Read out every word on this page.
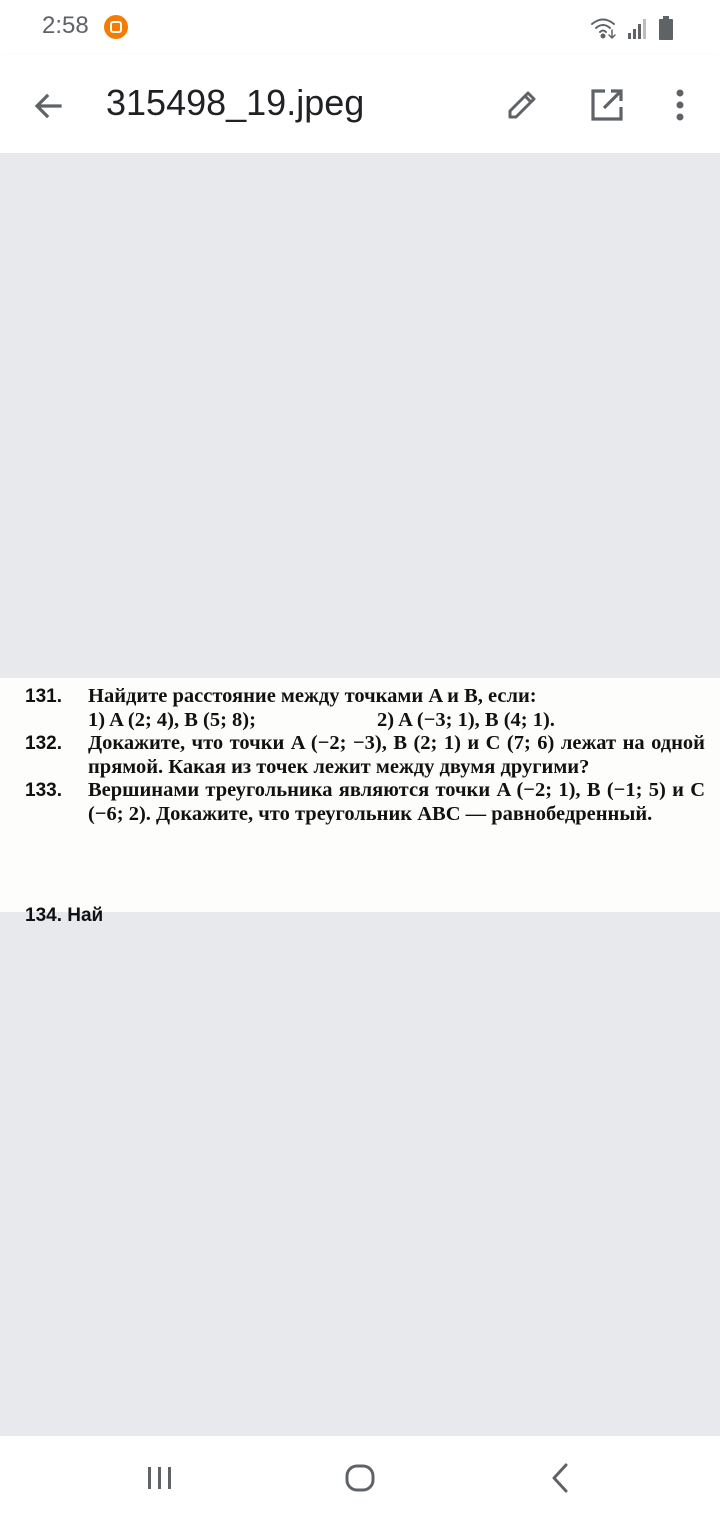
2:58
315498_19.jpeg
131. Найдите расстояние между точками A и B, если:
1) A (2; 4), B (5; 8);	2) A (−3; 1), B (4; 1).
132. Докажите, что точки A (−2; −3), B (2; 1) и C (7; 6) лежат на одной прямой. Какая из точек лежит между двумя другими?
133. Вершинами треугольника являются точки A (−2; 1), B (−1; 5) и C (−6; 2). Докажите, что треугольник ABC — равнобедренный.
134. Най
